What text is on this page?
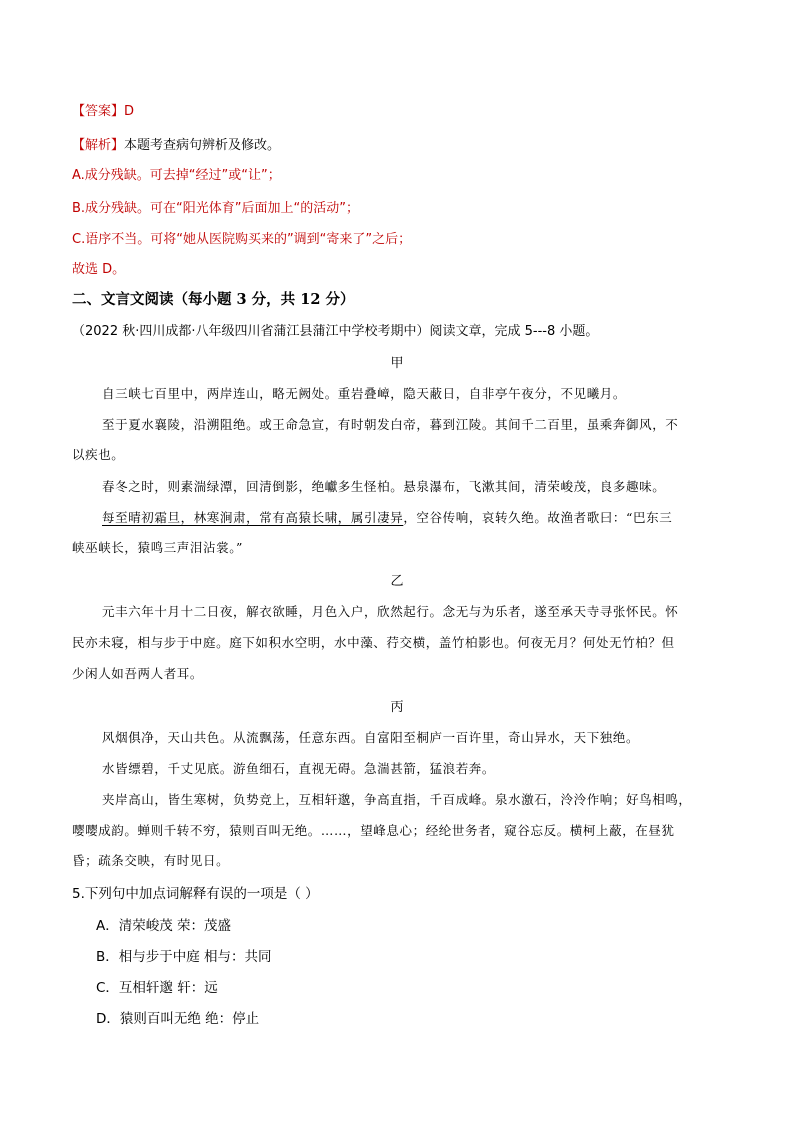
【答案】D
【解析】本题考查病句辨析及修改。
A.成分残缺。可去掉“经过”或“让”；
B.成分残缺。可在“阳光体育”后面加上“的活动”；
C.语序不当。可将“她从医院购买来的”调到“寄来了”之后；
故选 D。
二、文言文阅读（每小题 3 分，共 12 分）
（2022 秋·四川成都·八年级四川省蒲江县蒲江中学校考期中）阅读文章，完成 5---8 小题。
甲
自三峡七百里中，两岸连山，略无阙处。重岩叠嶂，隐天蔽日，自非亭午夜分，不见曦月。
至于夏水襄陵，沿溯阻绝。或王命急宣，有时朝发白帝，暮到江陵。其间千二百里，虽乘奔御风，不
以疾也。
春冬之时，则素湍绿潭，回清倒影，绝巘多生怪柏。悬泉瀑布，飞漱其间，清荣峻茂，良多趣味。
每至晴初霜旦，林寒涧肃，常有高猿长啸，属引凄异，空谷传响，哀转久绝。故渔者歌曰：“巴东三
峡巫峡长，猿鸣三声泪沾裳。”
乙
元丰六年十月十二日夜，解衣欲睡，月色入户，欣然起行。念无与为乐者，遂至承天寺寻张怀民。怀
民亦未寝，相与步于中庭。庭下如积水空明，水中藻、荇交横，盖竹柏影也。何夜无月？何处无竹柏？但
少闲人如吾两人者耳。
丙
风烟俱净，天山共色。从流飘荡，任意东西。自富阳至桐庐一百许里，奇山异水，天下独绝。
水皆缥碧，千丈见底。游鱼细石，直视无碍。急湍甚箭，猛浪若奔。
夹岸高山，皆生寒树，负势竞上，互相轩邈，争高直指，千百成峰。泉水激石，泠泠作响；好鸟相鸣，
嘤嘤成韵。蝉则千转不穷，猿则百叫无绝。……，望峰息心；经纶世务者，窥谷忘反。横柯上蔽，在昼犹
昏；疏条交映，有时见日。
5.下列句中加点词解释有误的一项是（ ）
A．清荣峻茂 荣：茂盛
B．相与步于中庭 相与：共同
C．互相轩邈 轩：远
D．猿则百叫无绝 绝：停止
